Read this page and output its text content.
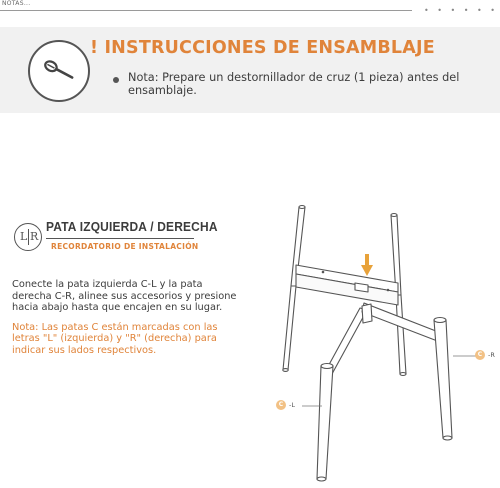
NOTAS...
• • • • • •
! INSTRUCCIONES DE ENSAMBLAJE
Nota: Prepare un destornillador de cruz (1 pieza) antes del ensamblaje.
L R
PATA IZQUIERDA / DERECHA
RECORDATORIO DE INSTALACIÓN
Conecte la pata izquierda C-L y la pata derecha C-R, alinee sus accesorios y presione hacia abajo hasta que encajen en su lugar.
Nota: Las patas C están marcadas con las letras "L" (izquierda) y "R" (derecha) para indicar sus lados respectivos.	C -R
C -L
